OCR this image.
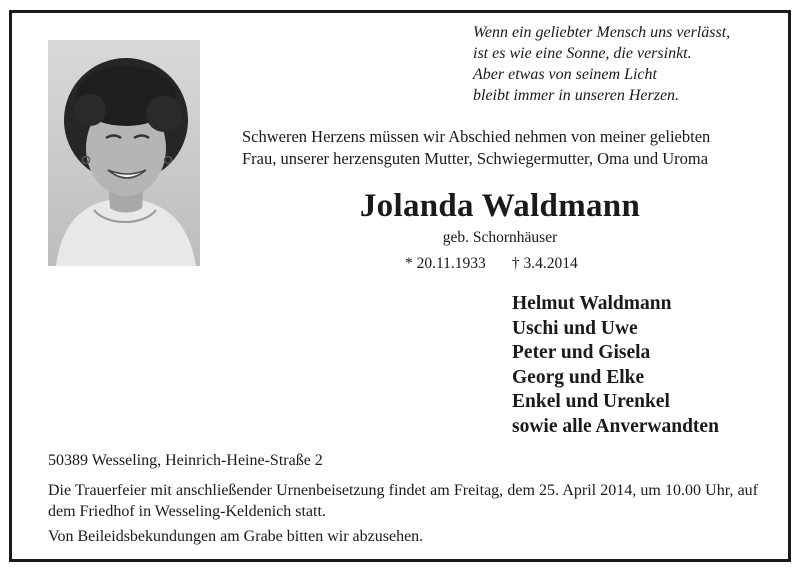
Wenn ein geliebter Mensch uns verlässt,
ist es wie eine Sonne, die versinkt.
Aber etwas von seinem Licht
bleibt immer in unseren Herzen.
Schweren Herzens müssen wir Abschied nehmen von meiner geliebten
Frau, unserer herzensguten Mutter, Schwiegermutter, Oma und Uroma
Jolanda Waldmann
geb. Schornhäuser
* 20.11.1933 † 3.4.2014
Helmut Waldmann
Uschi und Uwe
Peter und Gisela
Georg und Elke
Enkel und Urenkel
sowie alle Anverwandten
50389 Wesseling, Heinrich-Heine-Straße 2
Die Trauerfeier mit anschließender Urnenbeisetzung findet am Freitag, dem 25. April 2014, um 10.00 Uhr, auf dem Friedhof in Wesseling-Keldenich statt.
Von Beileidsbekundungen am Grabe bitten wir abzusehen.
